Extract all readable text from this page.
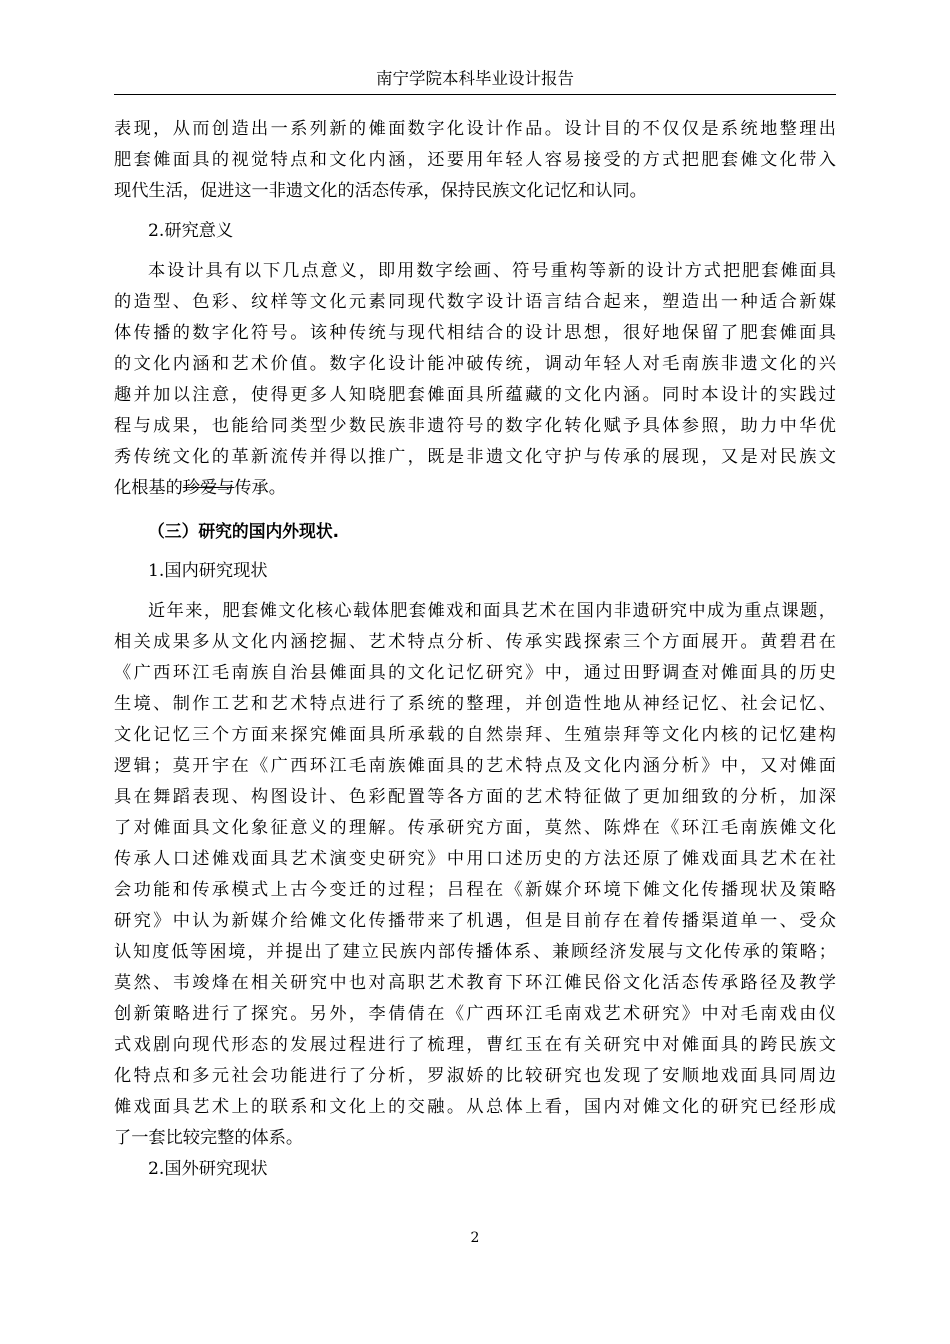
南宁学院本科毕业设计报告

表现，从而创造出一系列新的傩面数字化设计作品。设计目的不仅仅是系统地整理出
肥套傩面具的视觉特点和文化内涵，还要用年轻人容易接受的方式把肥套傩文化带入
现代生活，促进这一非遗文化的活态传承，保持民族文化记忆和认同。

2.研究意义

本设计具有以下几点意义，即用数字绘画、符号重构等新的设计方式把肥套傩面具
的造型、色彩、纹样等文化元素同现代数字设计语言结合起来，塑造出一种适合新媒
体传播的数字化符号。该种传统与现代相结合的设计思想，很好地保留了肥套傩面具
的文化内涵和艺术价值。数字化设计能冲破传统，调动年轻人对毛南族非遗文化的兴
趣并加以注意，使得更多人知晓肥套傩面具所蕴藏的文化内涵。同时本设计的实践过
程与成果，也能给同类型少数民族非遗符号的数字化转化赋予具体参照，助力中华优
秀传统文化的革新流传并得以推广，既是非遗文化守护与传承的展现，又是对民族文
化根基的珍爱与传承。

（三）研究的国内外现状.

1.国内研究现状

近年来，肥套傩文化核心载体肥套傩戏和面具艺术在国内非遗研究中成为重点课题，
相关成果多从文化内涵挖掘、艺术特点分析、传承实践探索三个方面展开。黄碧君在
《广西环江毛南族自治县傩面具的文化记忆研究》中，通过田野调查对傩面具的历史
生境、制作工艺和艺术特点进行了系统的整理，并创造性地从神经记忆、社会记忆、
文化记忆三个方面来探究傩面具所承载的自然崇拜、生殖崇拜等文化内核的记忆建构
逻辑；莫开宇在《广西环江毛南族傩面具的艺术特点及文化内涵分析》中，又对傩面
具在舞蹈表现、构图设计、色彩配置等各方面的艺术特征做了更加细致的分析，加深
了对傩面具文化象征意义的理解。传承研究方面，莫然、陈烨在《环江毛南族傩文化
传承人口述傩戏面具艺术演变史研究》中用口述历史的方法还原了傩戏面具艺术在社
会功能和传承模式上古今变迁的过程；吕程在《新媒介环境下傩文化传播现状及策略
研究》中认为新媒介给傩文化传播带来了机遇，但是目前存在着传播渠道单一、受众
认知度低等困境，并提出了建立民族内部传播体系、兼顾经济发展与文化传承的策略；
莫然、韦竣烽在相关研究中也对高职艺术教育下环江傩民俗文化活态传承路径及教学
创新策略进行了探究。另外，李倩倩在《广西环江毛南戏艺术研究》中对毛南戏由仪
式戏剧向现代形态的发展过程进行了梳理，曹红玉在有关研究中对傩面具的跨民族文
化特点和多元社会功能进行了分析，罗淑娇的比较研究也发现了安顺地戏面具同周边
傩戏面具艺术上的联系和文化上的交融。从总体上看，国内对傩文化的研究已经形成
了一套比较完整的体系。

2.国外研究现状

2
